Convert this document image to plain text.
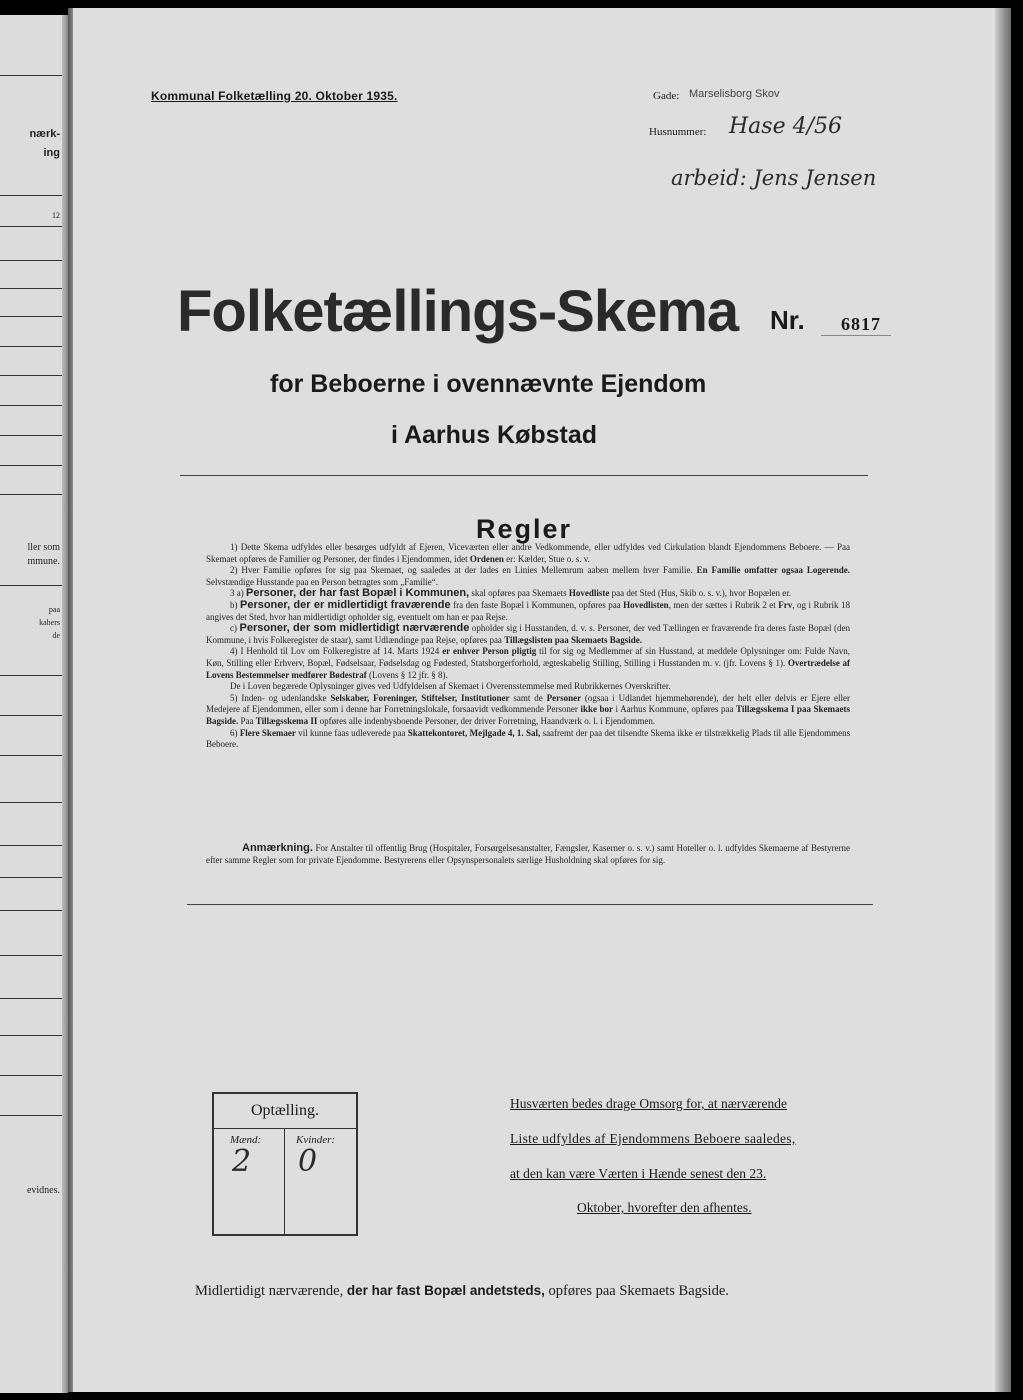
nærk-
ing
12
ller som
mmune.
paa
kabers
de
evidnes.
Kommunal Folketælling 20. Oktober 1935.	Gade: Marselisborg Skov
Husnummer: Hase 4/56
arbeid: Jens Jensen
Folketællings-Skema Nr. 6817
for Beboerne i ovennævnte Ejendom
i Aarhus Købstad
Regler

1) Dette Skema udfyldes eller besørges udfyldt af Ejeren, Viceværten eller andre Vedkommende, eller udfyldes ved Cirkulation blandt Ejendommens Beboere. — Paa Skemaet opføres de Familier og Personer, der findes i Ejendommen, idet Ordenen er: Kælder, Stue o. s. v.

2) Hver Familie opføres for sig paa Skemaet, og saaledes at der lades en Linies Mellemrum aaben mellem hver Familie. En Familie omfatter ogsaa Logerende. Selvstændige Husstande paa en Person betragtes som „Familie“.

3 a) Personer, der har fast Bopæl i Kommunen, skal opføres paa Skemaets Hovedliste paa det Sted (Hus, Skib o. s. v.), hvor Bopælen er.

b) Personer, der er midlertidigt fraværende fra den faste Bopæl i Kommunen, opføres paa Hovedlisten, men der sættes i Rubrik 2 et Frv, og i Rubrik 18 angives det Sted, hvor han midlertidigt opholder sig, eventuelt om han er paa Rejse.

c) Personer, der som midlertidigt nærværende opholder sig i Husstanden, d. v. s. Personer, der ved Tællingen er fraværende fra deres faste Bopæl (den Kommune, i hvis Folkeregister de staar), samt Udlændinge paa Rejse, opføres paa Tillægslisten paa Skemaets Bagside.

4) I Henhold til Lov om Folkeregistre af 14. Marts 1924 er enhver Person pligtig til for sig og Medlemmer af sin Husstand, at meddele Oplysninger om: Fulde Navn, Køn, Stilling eller Erhverv, Bopæl, Fødselsaar, Fødselsdag og Fødested, Statsborgerforhold, ægteskabelig Stilling, Stilling i Husstanden m. v. (jfr. Lovens § 1). Overtrædelse af Lovens Bestemmelser medfører Bødestraf (Lovens § 12 jfr. § 8).

De i Loven begærede Oplysninger gives ved Udfyldelsen af Skemaet i Overensstemmelse med Rubrikkernes Overskrifter.

5) Inden- og udenlandske Selskaber, Foreninger, Stiftelser, Institutioner samt de Personer (ogsaa i Udlandet hjemmehørende), der helt eller delvis er Ejere eller Medejere af Ejendommen, eller som i denne har Forretningslokale, forsaavidt vedkommende Personer ikke bor i Aarhus Kommune, opføres paa Tillægsskema I paa Skemaets Bagside. Paa Tillægsskema II opføres alle indenbysboende Personer, der driver Forretning, Haandværk o. l. i Ejendommen.

6) Flere Skemaer vil kunne faas udleverede paa Skattekontoret, Mejlgade 4, 1. Sal, saafremt der paa det tilsendte Skema ikke er tilstrækkelig Plads til alle Ejendommens Beboere.

Anmærkning. For Anstalter til offentlig Brug (Hospitaler, Forsørgelsesanstalter, Fængsler, Kaserner o. s. v.) samt Hoteller o. l. udfyldes Skemaerne af Bestyrerne efter samme Regler som for private Ejendomme. Bestyrerens eller Opsynspersonalets særlige Husholdning skal opføres for sig.
Optælling.
Mænd:	Kvinder:
2 0
Husværten bedes drage Omsorg for, at nærværende
Liste udfyldes af Ejendommens Beboere saaledes,
at den kan være Værten i Hænde senest den 23.
Oktober, hvorefter den afhentes.
Midlertidigt nærværende, der har fast Bopæl andetsteds, opføres paa Skemaets Bagside.
